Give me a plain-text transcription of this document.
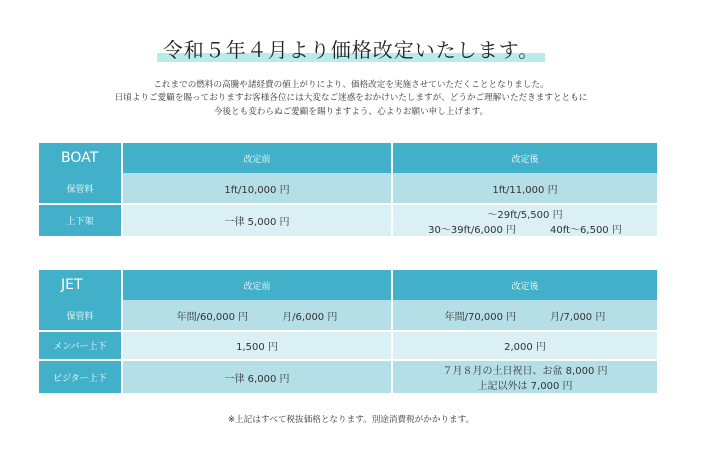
令和５年４月より価格改定いたします。
これまでの燃料の高騰や諸経費の値上がりにより、価格改定を実施させていただくこととなりました。
日頃よりご愛顧を賜っておりますお客様各位には大変なご迷惑をおかけいたしますが、どうかご理解いただきますとともに
今後とも変わらぬご愛顧を賜りますよう、心よりお願い申し上げます。
BOAT	改定前	改定後
保管料	1ft/10,000 円	1ft/11,000 円
上下架	一律 5,000 円	～29ft/5,500 円
30～39ft/6,000 円 40ft～6,500 円
JET	改定前	改定後
保管料	年間/60,000 円 月/6,000 円	年間/70,000 円 月/7,000 円
メンバー上下	1,500 円	2,000 円
ビジター上下	一律 6,000 円	７月８月の土日祝日、お盆 8,000 円
上記以外は 7,000 円
※上記はすべて税抜価格となります。別途消費税がかかります。
